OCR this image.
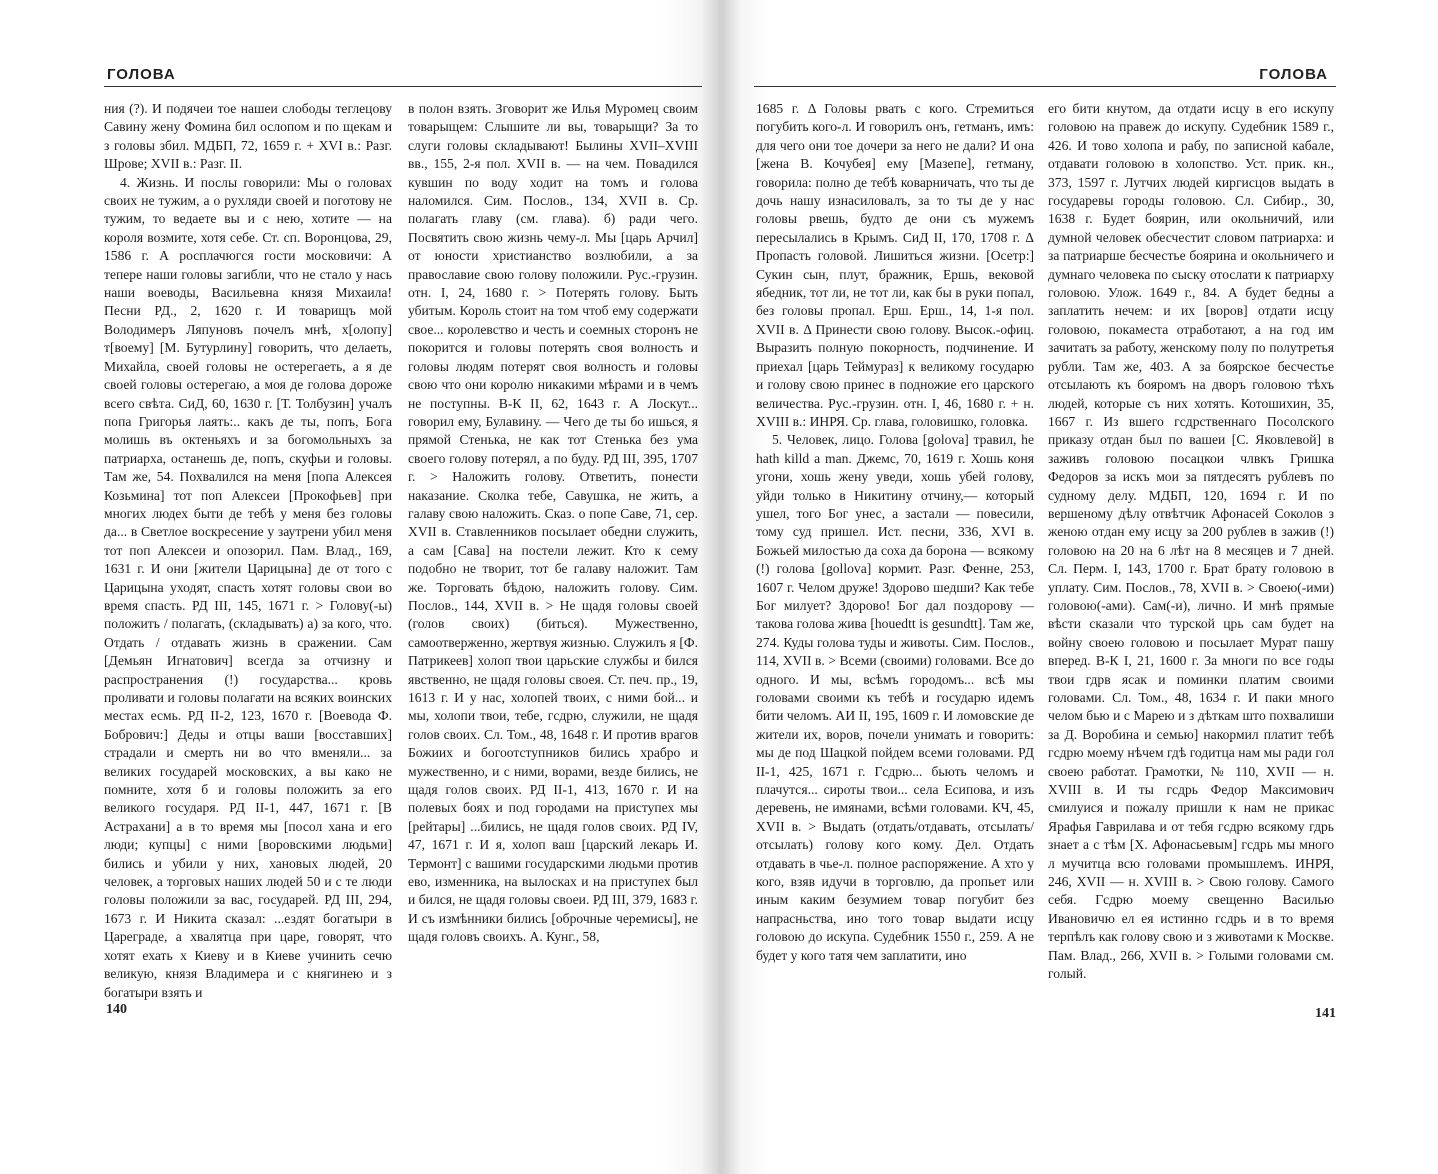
ГОЛОВА

ния (?). И подячеи тое нашеи слободы теглецову Савину жену Фомина бил ослопом и по щекам и з головы збил. МДБП, 72, 1659 г. + XVI в.: Разг. Шрове; XVII в.: Разг. II.

4. Жизнь. И послы говорили: Мы о головах своих не тужим, а о рухляди своей и поготову не тужим, то ведаете вы и с нею, хотите — на короля возмите, хотя себе. Ст. сп. Воронцова, 29, 1586 г. А росплачюгся гости московичи: А тепере наши головы загибли, что не стало у нась наши воеводы, Васильевна князя Михаила! Песни РД., 2, 1620 г. И товарищъ мой Володимеръ Ляпуновъ почелъ мнѣ, х[олопу] т[воему] [М. Бутурлину] говорить, что делаеть, Михайла, своей головы не остерегаеть, а я де своей головы остерегаю, а моя де голова дороже всего свѣта. СиД, 60, 1630 г. [Т. Толбузин] учалъ попа Григорья лаять:.. какъ де ты, попъ, Бога молишь въ октеньяхъ и за богомольныхъ за патриарха, останешь де, попъ, скуфьи и головы. Там же, 54. Похвалился на меня [попа Алексея Козьмина] тот поп Алексеи [Прокофьев] при многих людех быти де тебѣ у меня без головы да... в Светлое воскресение у заутрени убил меня тот поп Алексеи и опозорил. Пам. Влад., 169, 1631 г. И они [жители Царицына] де от того с Царицына уходят, спасть хотят головы свои во время спасть. РД III, 145, 1671 г. > Голову(-ы) положить / полагать, (складывать) а) за кого, что. Отдать / отдавать жизнь в сражении. Сам [Демьян Игнатович] всегда за отчизну и распространения (!) государства... кровь проливати и головы полагати на всяких воинских местах есмь. РД II-2, 123, 1670 г. [Воевода Ф. Бобрович:] Деды и отцы ваши [восставших] страдали и смерть ни во что вменяли... за великих государей московских, а вы како не помните, хотя б и головы положить за его великого государя. РД II-1, 447, 1671 г. [В Астрахани] а в то время мы [посол хана и его люди; купцы] с ними [воровскими людьми] бились и убили у них, хановых людей, 20 человек, а торговых наших людей 50 и с те люди головы положили за вас, государей. РД III, 294, 1673 г. И Никита сказал: ...ездят богатыри в Цареграде, а хвалятца при царе, говорят, что хотят ехать х Киеву и в Киеве учинить сечю великую, князя Владимера и с княгинею и з богатыри взять и

в полон взять. Зговорит же Илья Муромец своим товарыщем: Слышите ли вы, товарыщи? За то слуги головы складывают! Былины XVII–XVIII вв., 155, 2-я пол. XVII в. — на чем. Повадился кувшин по воду ходит на томъ и голова наломился. Сим. Послов., 134, XVII в. Ср. полагать главу (см. глава). б) ради чего. Посвятить свою жизнь чему-л. Мы [царь Арчил] от юности христианство возлюбили, а за православие свою голову положили. Рус.-грузин. отн. I, 24, 1680 г. > Потерять голову. Быть убитым. Король стоит на том чтоб ему содержати свое... королевство и честь и соемных сторонъ не покорится и головы потерять своя волность и головы людям потерят своя волность и головы свою что они королю никакими мѣрами и в чемъ не поступны. В-К II, 62, 1643 г. А Лоскут... говорил ему, Булавину. — Чего де ты бо ишься, я прямой Стенька, не как тот Стенька без ума своего голову потерял, а по буду. РД III, 395, 1707 г. > Наложить голову. Ответить, понести наказание. Сколка тебе, Савушка, не жить, а галаву свою наложить. Сказ. о попе Саве, 71, сер. XVII в. Ставленников посылает обедни служить, а сам [Сава] на постели лежит. Кто к сему подобно не творит, тот бе галаву наложит. Там же. Торговать бѣдою, наложить голову. Сим. Послов., 144, XVII в. > Не щадя головы своей (голов своих) (биться). Мужественно, самоотверженно, жертвуя жизнью. Служилъ я [Ф. Патрикеев] холоп твои царьские службы и бился явственно, не щадя головы своея. Ст. печ. пр., 19, 1613 г. И у нас, холопей твоих, с ними бой... и мы, холопи твои, тебе, гсдрю, служили, не щадя голов своих. Сл. Том., 48, 1648 г. И против врагов Божиих и богоотступников бились храбро и мужественно, и с ними, ворами, везде бились, не щадя голов своих. РД II-1, 413, 1670 г. И на полевых боях и под городами на приступех мы [рейтары] ...бились, не щадя голов своих. РД IV, 47, 1671 г. И я, холоп ваш [царский лекарь И. Термонт] с вашими государскими людьми против ево, изменника, на вылосках и на приступех был и бился, не щадя головы своеи. РД III, 379, 1683 г. И съ измѣнники бились [оброчные черемисы], не щадя головъ своихъ. А. Кунг., 58,

140
ГОЛОВА

1685 г. Δ Головы рвать с кого. Стремиться погубить кого-л. И говорилъ онъ, гетманъ, имъ: для чего они тое дочери за него не дали? И она [жена В. Кочубея] ему [Мазепе], гетману, говорила: полно де тебѣ коварничать, что ты де дочь нашу изнасиловалъ, за то ты де у нас головы рвешь, будто де они съ мужемъ пересылались в Крымъ. СиД II, 170, 1708 г. Δ Пропасть головой. Лишиться жизни. [Осетр:] Сукин сын, плут, бражник, Ершь, вековой ябедник, тот ли, не тот ли, как бы в руки попал, без головы пропал. Ерш. Ерш., 14, 1-я пол. XVII в. Δ Принести свою голову. Высок.-офиц. Выразить полную покорность, подчинение. И приехал [царь Теймураз] к великому государю и голову свою принес в подножие его царского величества. Рус.-грузин. отн. I, 46, 1680 г. + н. XVIII в.: ИНРЯ. Ср. глава, головишко, головка.

5. Человек, лицо. Голова [golova] травил, he hath killd a man. Джемс, 70, 1619 г. Хошь коня угони, хошь жену уведи, хошь убей голову, уйди только в Никитину отчину,— который ушел, того Бог унес, а застали — повесили, тому суд пришел. Ист. песни, 336, XVI в. Божьей милостью да соха да борона — всякому (!) голова [gollova] кормит. Разг. Фенне, 253, 1607 г. Челом друже! Здорово шедши? Как тебе Бог милует? Здорово! Бог дал поздорову — такова голова жива [houedtt is gesundtt]. Там же, 274. Куды голова туды и животы. Сим. Послов., 114, XVII в. > Всеми (своими) головами. Все до одного. И мы, всѣмъ городомъ... всѣ мы головами своими къ тебѣ и государю идемъ бити челомъ. АИ II, 195, 1609 г. И ломовские де жители их, воров, почели унимать и говорить: мы де под Шацкой пойдем всеми головами. РД II-1, 425, 1671 г. Гсдрю... бьють челомъ и плачутся... сироты твои... села Есипова, и изъ деревень, не имянами, всѣми головами. КЧ, 45, XVII в. > Выдать (отдать/отдавать, отсылать/отсылать) голову кого кому. Дел. Отдать отдавать в чье-л. полное распоряжение. А хто у кого, взяв идучи в торговлю, да пропьет или иным каким безумием товар погубит без напрасньства, ино того товар выдати исцу головою до искупа. Судебник 1550 г., 259. А не будет у кого татя чем заплатити, ино

его бити кнутом, да отдати исцу в его искупу головою на правеж до искупу. Судебник 1589 г., 426. И тово холопа и рабу, по записной кабале, отдавати головою в холопство. Уст. прик. кн., 373, 1597 г. Лутчих людей киргисцов выдать в государевы городы головою. Сл. Сибир., 30, 1638 г. Будет боярин, или окольничий, или думной человек обесчестит словом патриарха: и за патриарше бесчестье боярина и окольничего и думнаго человека по сыску отослати к патриарху головою. Улож. 1649 г., 84. А будет бедны а заплатить нечем: и их [воров] отдати исцу головою, покаместа отработают, а на год им зачитать за работу, женскому полу по полутретья рубли. Там же, 403. А за боярское бесчестье отсылають къ бояромъ на дворъ головою тѣхъ людей, которые съ них хотять. Котошихин, 35, 1667 г. Из вшего гсдрственнаго Посолского приказу отдан был по вашеи [С. Яковлевой] в заживъ головою посацкои члвкъ Гришка Федоров за искъ мои за пятдесятъ рублевъ по судному делу. МДБП, 120, 1694 г. И по вершеному дѣлу отвѣтчик Афонасей Соколов з женою отдан ему исцу за 200 рублев в зажив (!) головою на 20 на 6 лѣт на 8 месяцев и 7 дней. Сл. Перм. I, 143, 1700 г. Брат брату головою в уплату. Сим. Послов., 78, XVII в. > Своею(-ими) головою(-ами). Сам(-и), лично. И мнѣ прямые вѣсти сказали что турской црь сам будет на войну своею головою и посылает Мурат пашу вперед. В-К I, 21, 1600 г. За многи по все годы твои гдрв ясак и поминки платим своими головами. Сл. Том., 48, 1634 г. И паки много челом бью и с Марею и з дѣткам штo похвалиши за Д. Воробина и семью] накормил платит тебѣ гсдрю моему нѣчем гдѣ годитца нам мы ради гол своею работат. Грамотки, № 110, XVII — н. XVIII в. И ты гсдрь Федор Максимович смилуися и пожалу пришли к нам не прикас Ярафья Гаврилава и от тебя гсдрю всякому гдрь знает а с тѣм [Х. Афонасьевым] гсдрь мы много л мучитца всю головами промышлемъ. ИНРЯ, 246, XVII — н. XVIII в. > Свою голову. Самого себя. Гсдрю моему свещенно Василью Ивановичю ел ея истинно гсдрь и в то время терпѣлъ как голову свою и з животами к Москве. Пам. Влад., 266, XVII в. > Голыми головами см. голый.

141
